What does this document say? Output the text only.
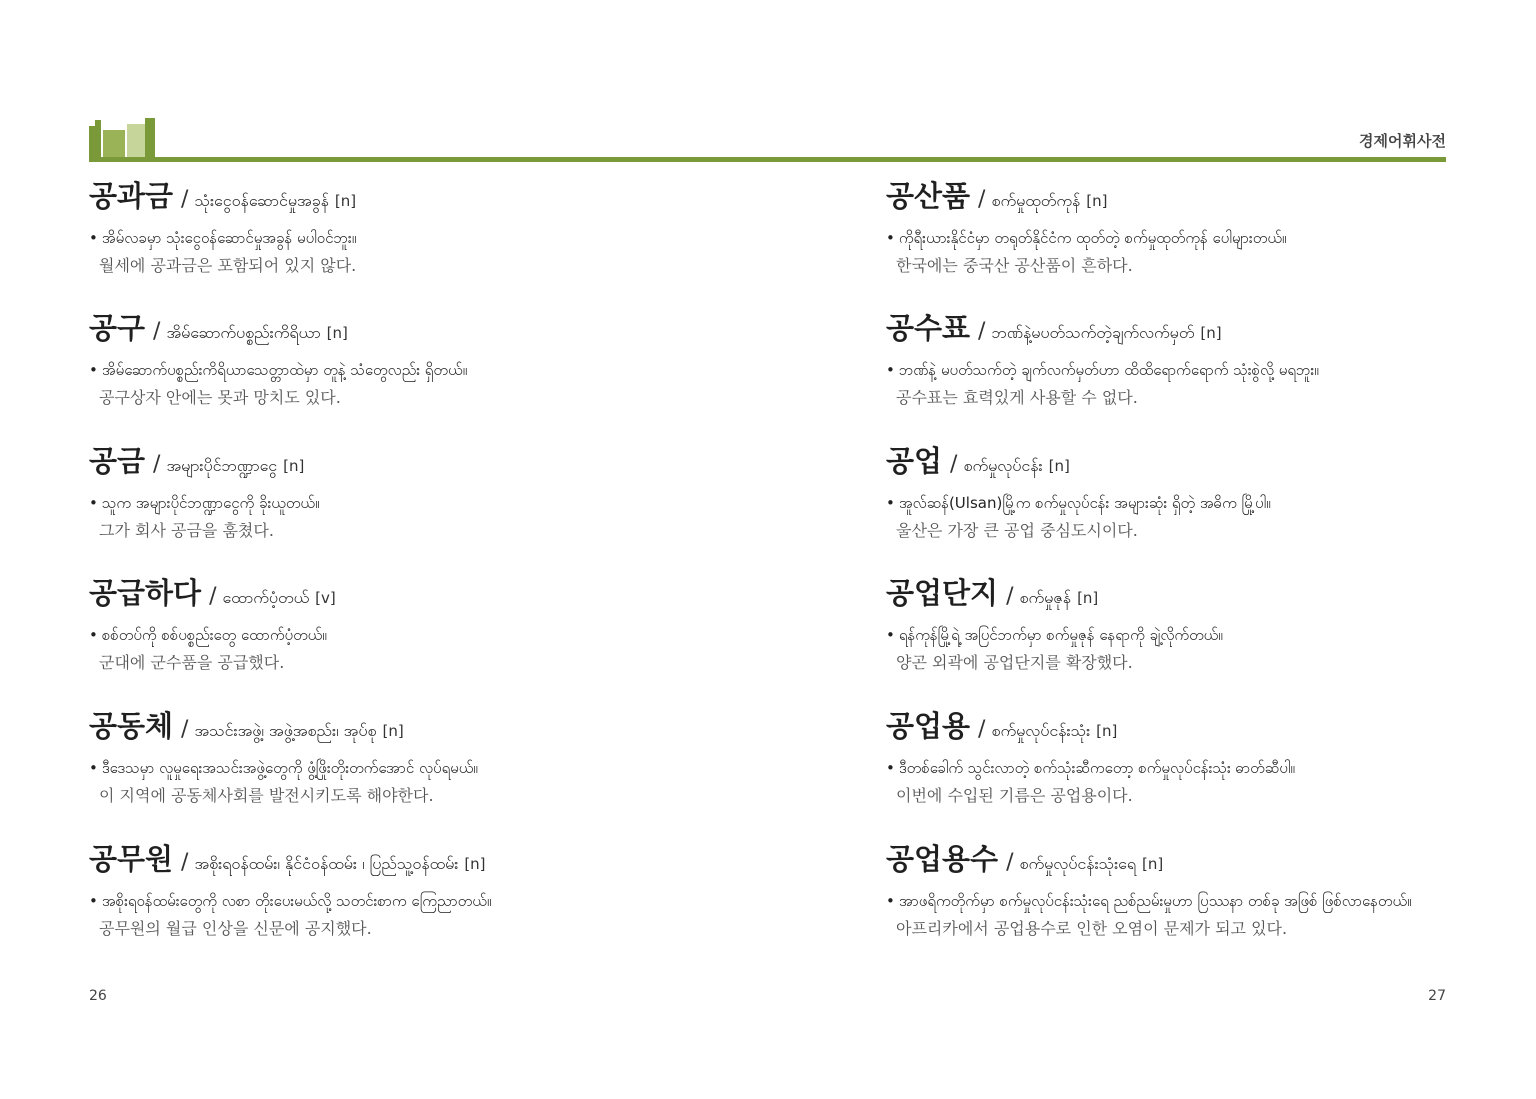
경제어휘사전
공과금 / သုံးငွေဝန်ဆောင်မှုအခွန် [n]
• အိမ်လခမှာ သုံးငွေဝန်ဆောင်မှုအခွန် မပါဝင်ဘူး။
월세에 공과금은 포함되어 있지 않다.
공구 / အိမ်ဆောက်ပစ္စည်းကိရိယာ [n]
• အိမ်ဆောက်ပစ္စည်းကိရိယာသေတ္တာထဲမှာ တူနဲ့ သံတွေလည်း ရှိတယ်။
공구상자 안에는 못과 망치도 있다.
공금 / အများပိုင်ဘဏ္ဍာငွေ [n]
• သူက အများပိုင်ဘဏ္ဍာငွေကို ခိုးယူတယ်။
그가 회사 공금을 훔쳤다.
공급하다 / ထောက်ပံ့တယ် [v]
• စစ်တပ်ကို စစ်ပစ္စည်းတွေ ထောက်ပံ့တယ်။
군대에 군수품을 공급했다.
공동체 / အသင်းအဖွဲ့၊ အဖွဲ့အစည်း၊ အုပ်စု [n]
• ဒီဒေသမှာ လူမှုရေးအသင်းအဖွဲ့တွေကို ဖွံ့ဖြိုးတိုးတက်အောင် လုပ်ရမယ်။
이 지역에 공동체사회를 발전시키도록 해야한다.
공무원 / အစိုးရဝန်ထမ်း၊ နိုင်ငံဝန်ထမ်း ၊ ပြည်သူ့ဝန်ထမ်း [n]
• အစိုးရဝန်ထမ်းတွေကို လစာ တိုးပေးမယ်လို့ သတင်းစာက ကြေညာတယ်။
공무원의 월급 인상을 신문에 공지했다.
공산품 / စက်မှုထုတ်ကုန် [n]
• ကိုရီးယားနိုင်ငံမှာ တရုတ်နိုင်ငံက ထုတ်တဲ့ စက်မှုထုတ်ကုန် ပေါများတယ်။
한국에는 중국산 공산품이 흔하다.
공수표 / ဘဏ်နဲ့မပတ်သက်တဲ့ချက်လက်မှတ် [n]
• ဘဏ်နဲ့ မပတ်သက်တဲ့ ချက်လက်မှတ်ဟာ ထိထိရောက်ရောက် သုံးစွဲလို့ မရဘူး။
공수표는 효력있게 사용할 수 없다.
공업 / စက်မှုလုပ်ငန်း [n]
• အူလ်ဆန်(Ulsan)မြို့က စက်မှုလုပ်ငန်း အများဆုံး ရှိတဲ့ အဓိက မြို့ပါ။
울산은 가장 큰 공업 중심도시이다.
공업단지 / စက်မှုဇုန် [n]
• ရန်ကုန်မြို့ရဲ့ အပြင်ဘက်မှာ စက်မှုဇုန် နေရာကို ချဲ့လိုက်တယ်။
양곤 외곽에 공업단지를 확장했다.
공업용 / စက်မှုလုပ်ငန်းသုံး [n]
• ဒီတစ်ခေါက် သွင်းလာတဲ့ စက်သုံးဆီကတော့ စက်မှုလုပ်ငန်းသုံး ဓာတ်ဆီပါ။
이번에 수입된 기름은 공업용이다.
공업용수 / စက်မှုလုပ်ငန်းသုံးရေ [n]
• အာဖရိကတိုက်မှာ စက်မှုလုပ်ငန်းသုံးရေ ညစ်ညမ်းမှုဟာ ပြဿနာ တစ်ခု အဖြစ် ဖြစ်လာနေတယ်။
아프리카에서 공업용수로 인한 오염이 문제가 되고 있다.
26	27
